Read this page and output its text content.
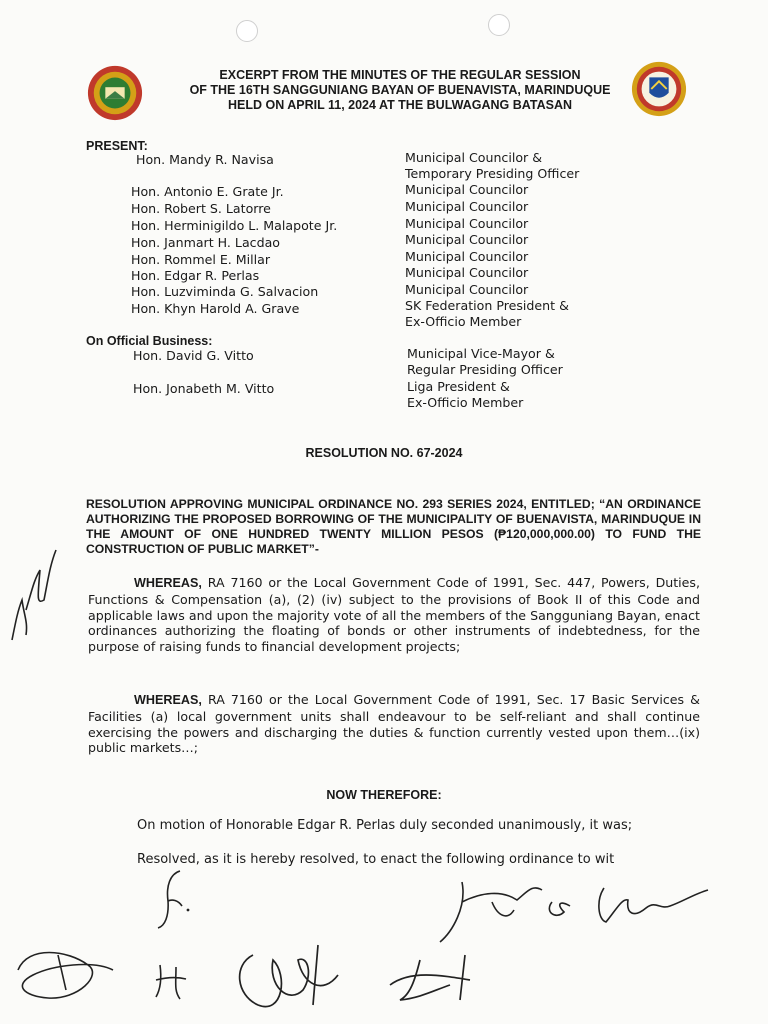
EXCERPT FROM THE MINUTES OF THE REGULAR SESSION
OF THE 16TH SANGGUNIANG BAYAN OF BUENAVISTA, MARINDUQUE
HELD ON APRIL 11, 2024 AT THE BULWAGANG BATASAN
PRESENT:
Hon. Mandy R. Navisa	Municipal Councilor &
Temporary Presiding Officer
Hon. Antonio E. Grate Jr.	Municipal Councilor
Hon. Robert S. Latorre	Municipal Councilor
Hon. Herminigildo L. Malapote Jr.	Municipal Councilor
Hon. Janmart H. Lacdao	Municipal Councilor
Hon. Rommel E. Millar	Municipal Councilor
Hon. Edgar R. Perlas	Municipal Councilor
Hon. Luzviminda G. Salvacion	Municipal Councilor
Hon. Khyn Harold A. Grave	SK Federation President &
Ex-Officio Member
On Official Business:
Hon. David G. Vitto	Municipal Vice-Mayor &
Regular Presiding Officer
Hon. Jonabeth M. Vitto	Liga President &
Ex-Officio Member
RESOLUTION NO. 67-2024
RESOLUTION APPROVING MUNICIPAL ORDINANCE NO. 293 SERIES 2024, ENTITLED; “AN ORDINANCE AUTHORIZING THE PROPOSED BORROWING OF THE MUNICIPALITY OF BUENAVISTA, MARINDUQUE IN THE AMOUNT OF ONE HUNDRED TWENTY MILLION PESOS (₱120,000,000.00) TO FUND THE CONSTRUCTION OF PUBLIC MARKET”-
WHEREAS, RA 7160 or the Local Government Code of 1991, Sec. 447, Powers, Duties, Functions & Compensation (a), (2) (iv) subject to the provisions of Book II of this Code and applicable laws and upon the majority vote of all the members of the Sangguniang Bayan, enact ordinances authorizing the floating of bonds or other instruments of indebtedness, for the purpose of raising funds to financial development projects;
WHEREAS, RA 7160 or the Local Government Code of 1991, Sec. 17 Basic Services & Facilities (a) local government units shall endeavour to be self-reliant and shall continue exercising the powers and discharging the duties & function currently vested upon them…(ix) public markets…;
NOW THEREFORE:
On motion of Honorable Edgar R. Perlas duly seconded unanimously, it was;
Resolved, as it is hereby resolved, to enact the following ordinance to wit
